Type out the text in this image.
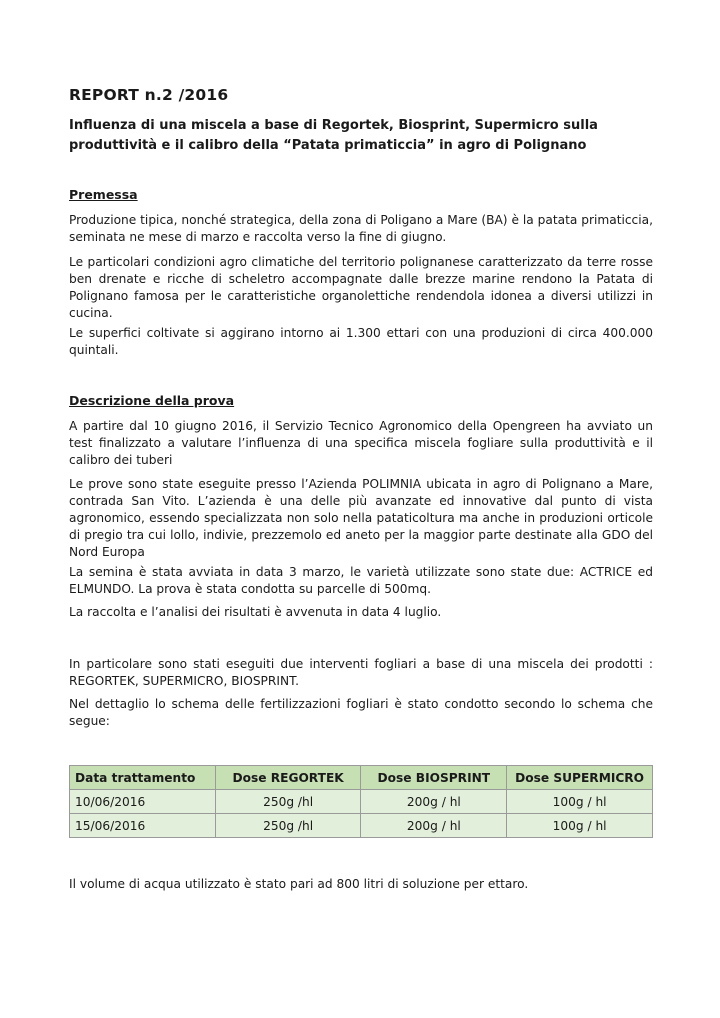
REPORT n.2 /2016
Influenza di una miscela a base di Regortek, Biosprint, Supermicro sulla produttività e il calibro della “Patata primaticcia” in agro di Polignano
Premessa

Produzione tipica, nonché strategica, della zona di Poligano a Mare (BA) è la patata primaticcia, seminata ne mese di marzo e raccolta verso la fine di giugno.

Le particolari condizioni agro climatiche del territorio polignanese caratterizzato da terre rosse ben drenate e ricche di scheletro accompagnate dalle brezze marine rendono la Patata di Polignano famosa per le caratteristiche organolettiche rendendola idonea a diversi utilizzi in cucina.

Le superfici coltivate si aggirano intorno ai 1.300 ettari con una produzioni di circa 400.000 quintali.

Descrizione della prova

A partire dal 10 giugno 2016, il Servizio Tecnico Agronomico della Opengreen ha avviato un test finalizzato a valutare l’influenza di una specifica miscela fogliare sulla produttività e il calibro dei tuberi

Le prove sono state eseguite presso l’Azienda POLIMNIA ubicata in agro di Polignano a Mare, contrada San Vito. L’azienda è una delle più avanzate ed innovative dal punto di vista agronomico, essendo specializzata non solo nella pataticoltura ma anche in produzioni orticole di pregio tra cui lollo, indivie, prezzemolo ed aneto per la maggior parte destinate alla GDO del Nord Europa

La semina è stata avviata in data 3 marzo, le varietà utilizzate sono state due: ACTRICE ed ELMUNDO. La prova è stata condotta su parcelle di 500mq.

La raccolta e l’analisi dei risultati è avvenuta in data 4 luglio.

In particolare sono stati eseguiti due interventi fogliari a base di una miscela dei prodotti : REGORTEK, SUPERMICRO, BIOSPRINT.

Nel dettaglio lo schema delle fertilizzazioni fogliari è stato condotto secondo lo schema che segue:

Data trattamento	Dose REGORTEK	Dose BIOSPRINT	Dose SUPERMICRO
10/06/2016	250g /hl	200g / hl	100g / hl
15/06/2016	250g /hl	200g / hl	100g / hl

Il volume di acqua utilizzato è stato pari ad 800 litri di soluzione per ettaro.
